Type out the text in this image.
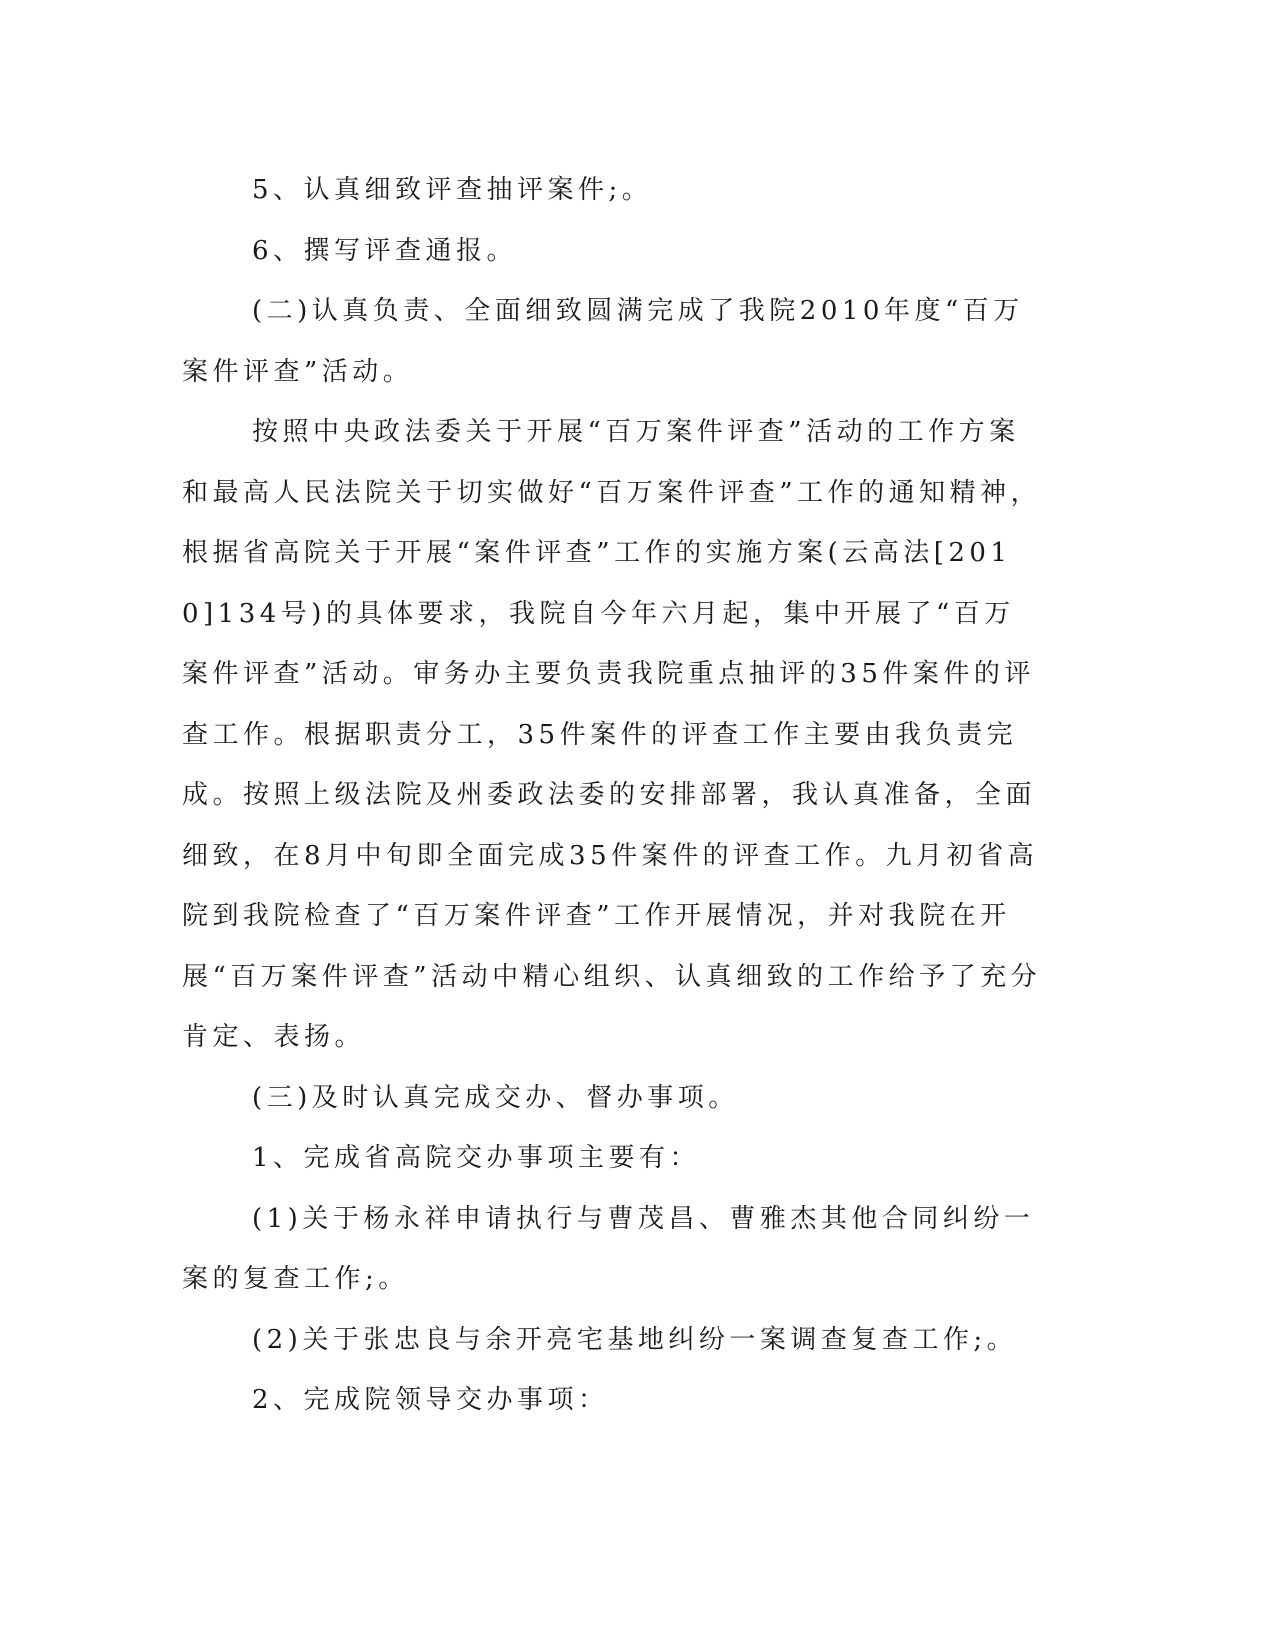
5、认真细致评查抽评案件;。

6、撰写评查通报。

(二)认真负责、全面细致圆满完成了我院2010年度“百万案件评查”活动。

按照中央政法委关于开展“百万案件评查”活动的工作方案和最高人民法院关于切实做好“百万案件评查”工作的通知精神，根据省高院关于开展“案件评查”工作的实施方案(云高法[2010]134号)的具体要求，我院自今年六月起，集中开展了“百万案件评查”活动。审务办主要负责我院重点抽评的35件案件的评查工作。根据职责分工，35件案件的评查工作主要由我负责完成。按照上级法院及州委政法委的安排部署，我认真准备，全面细致，在8月中旬即全面完成35件案件的评查工作。九月初省高院到我院检查了“百万案件评查”工作开展情况，并对我院在开展“百万案件评查”活动中精心组织、认真细致的工作给予了充分肯定、表扬。

(三)及时认真完成交办、督办事项。

1、完成省高院交办事项主要有：

(1)关于杨永祥申请执行与曹茂昌、曹雅杰其他合同纠纷一案的复查工作;。

(2)关于张忠良与余开亮宅基地纠纷一案调查复查工作;。

2、完成院领导交办事项：
